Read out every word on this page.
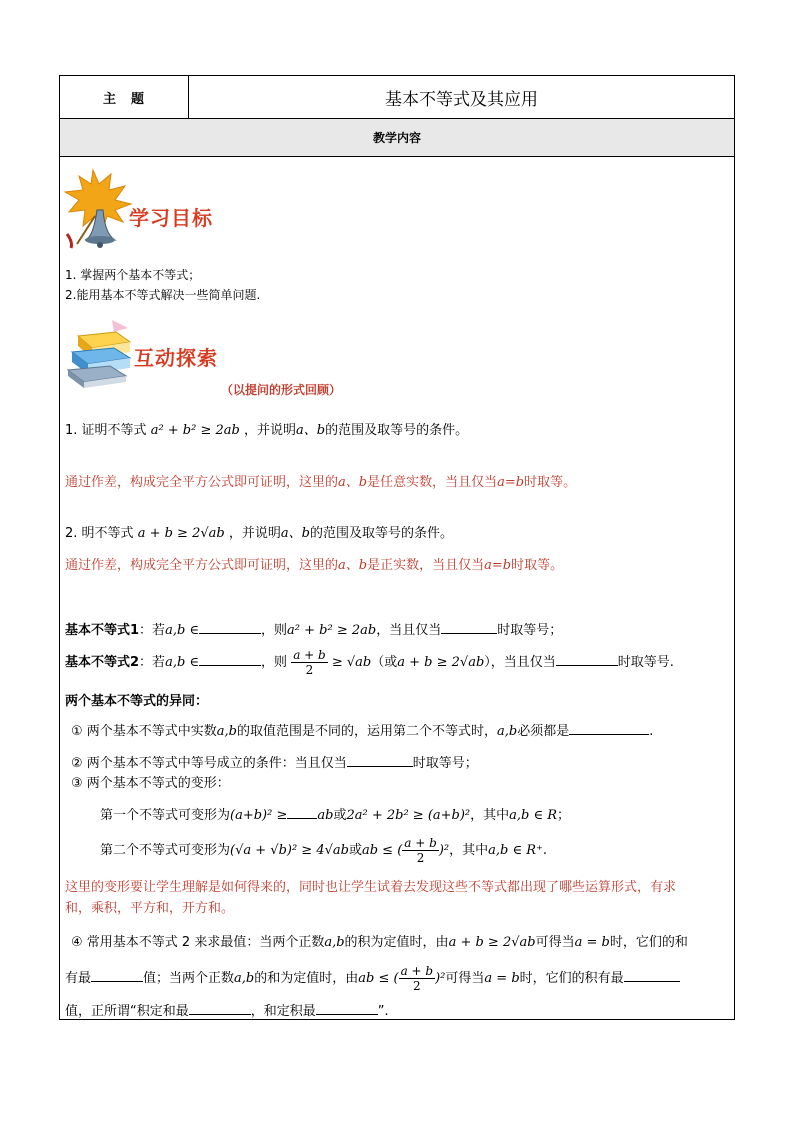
主　题	基本不等式及其应用
教学内容
学习目标
1. 掌握两个基本不等式；
2.能用基本不等式解决一些简单问题.
互动探索
（以提问的形式回顾）
1. 证明不等式 a² + b² ≥ 2ab ，并说明a、b的范围及取等号的条件。
通过作差，构成完全平方公式即可证明，这里的a、b是任意实数，当且仅当a=b时取等。
2. 明不等式 a + b ≥ 2√ab ，并说明a、b的范围及取等号的条件。
通过作差，构成完全平方公式即可证明，这里的a、b是正实数，当且仅当a=b时取等。
基本不等式1：若a,b ∈	，则a² + b² ≥ 2ab，当且仅当	时取等号；
基本不等式2：若a,b ∈	，则 $\frac{a + b}{2} \ge √ab$（或a + b ≥ 2√ab），当且仅当	时取等号.
两个基本不等式的异同：
① 两个基本不等式中实数a,b的取值范围是不同的，运用第二个不等式时，a,b必须都是	.
② 两个基本不等式中等号成立的条件：当且仅当	时取等号；
③ 两个基本不等式的变形：
第一个不等式可变形为(a+b)² ≥ ab或2a² + 2b² ≥ (a+b)²，其中a,b ∈ R；
第二个不等式可变形为(√a + √b)² ≥ 4√ab或ab ≤ ( $\frac{a + b}{2} )^2$，其中a,b ∈ R⁺.
这里的变形要让学生理解是如何得来的，同时也让学生试着去发现这些不等式都出现了哪些运算形式，有求
和，乘积，平方和，开方和。
④ 常用基本不等式 2 来求最值：当两个正数a,b的积为定值时，由a + b ≥ 2√ab可得当a = b时，它们的和
有最	值；当两个正数a,b的和为定值时，由ab ≤ ( $\frac{a + b}{2} )^2$可得当a = b时，它们的积有最
值，正所谓“积定和最	，和定积最	”.
